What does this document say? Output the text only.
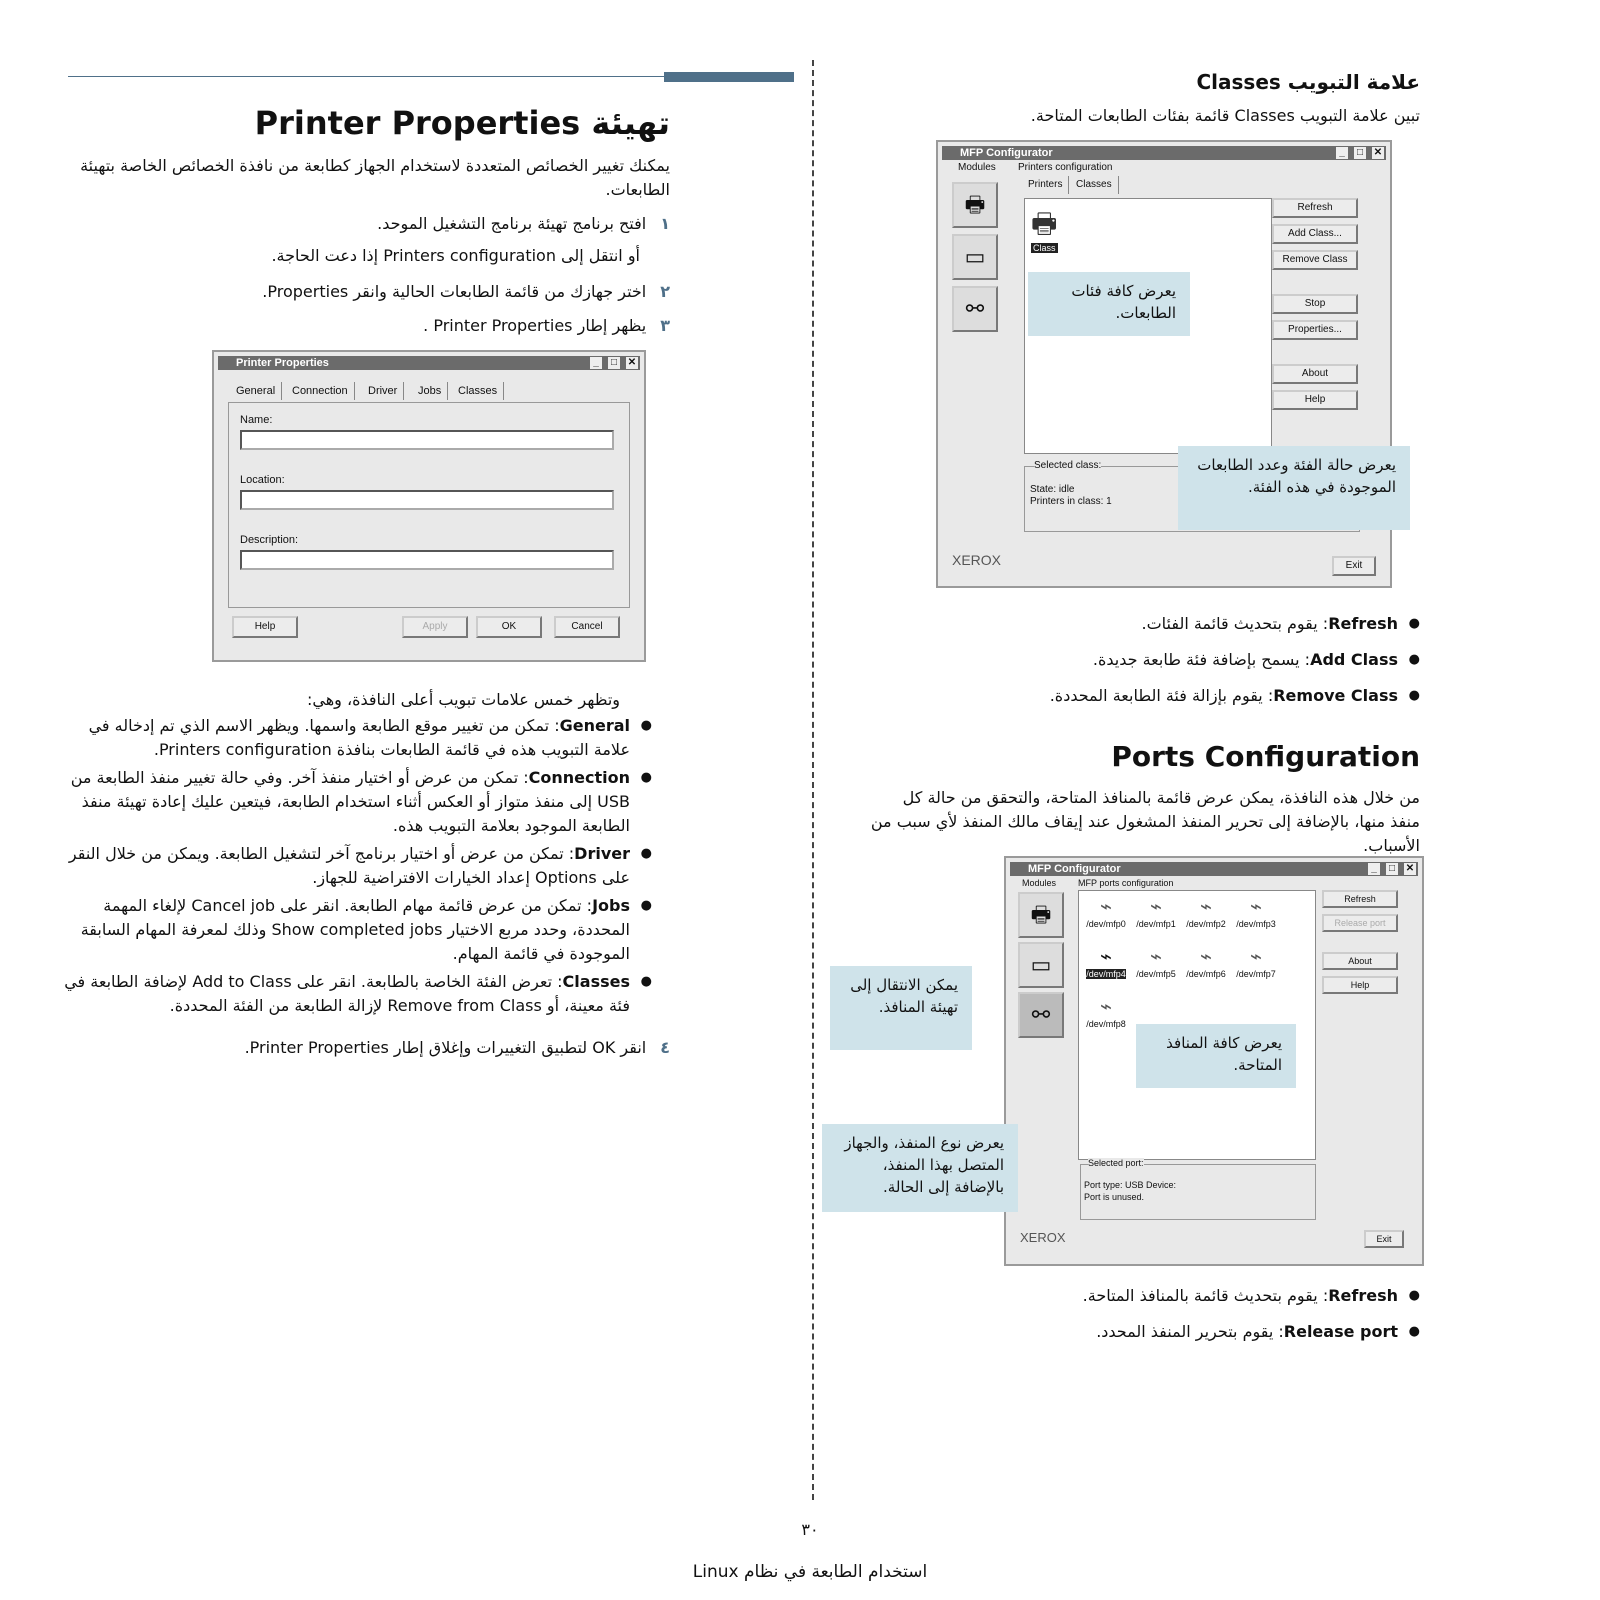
تهيئة Printer Properties
يمكنك تغيير الخصائص المتعددة لاستخدام الجهاز كطابعة من نافذة الخصائص الخاصة بتهيئة الطابعات.
١افتح برنامج تهيئة برنامج التشغيل الموحد.
أو انتقل إلى Printers configuration إذا دعت الحاجة.
٢اختر جهازك من قائمة الطابعات الحالية وانقر Properties.
٣يظهر إطار Printer Properties .
Printer Properties	_	□ ✕
General	Connection	Driver	Jobs	Classes
Name:
Location:
Description:
Help	Apply	OK	Cancel
وتظهر خمس علامات تبويب أعلى النافذة، وهي:
● General: تمكن من تغيير موقع الطابعة واسمها. ويظهر الاسم الذي تم إدخاله في علامة التبويب هذه في قائمة الطابعات بنافذة Printers configuration.
● Connection: تمكن من عرض أو اختيار منفذ آخر. وفي حالة تغيير منفذ الطابعة من USB إلى منفذ متواز أو العكس أثناء استخدام الطابعة، فيتعين عليك إعادة تهيئة منفذ الطابعة الموجود بعلامة التبويب هذه.
● Driver: تمكن من عرض أو اختيار برنامج آخر لتشغيل الطابعة. ويمكن من خلال النقر على Options إعداد الخيارات الافتراضية للجهاز.
● Jobs: تمكن من عرض قائمة مهام الطابعة. انقر على Cancel job لإلغاء المهمة المحددة، وحدد مربع الاختيار Show completed jobs وذلك لمعرفة المهام السابقة الموجودة في قائمة المهام.
● Classes: تعرض الفئة الخاصة بالطابعة. انقر على Add to Class لإضافة الطابعة في فئة معينة، أو Remove from Class لإزالة الطابعة من الفئة المحددة.
٤انقر OK لتطبيق التغييرات وإغلاق إطار Printer Properties.
علامة التبويب Classes
تبين علامة التبويب Classes قائمة بفئات الطابعات المتاحة.
MFP Configurator	_	□ ✕
Modules
🖶
▭
⚯
XEROX
Printers configuration
Printers	Classes
🖶
Class
Refresh
Add Class...
Remove Class
Stop
Properties...
About
Help
Selected class:
State: idle
Printers in class: 1
Exit
يعرض كافة فئات الطابعات.
يعرض حالة الفئة وعدد الطابعات الموجودة في هذه الفئة.
● Refresh: يقوم بتحديث قائمة الفئات.
● Add Class: يسمح بإضافة فئة طابعة جديدة.
● Remove Class: يقوم بإزالة فئة الطابعة المحددة.
Ports Configuration
من خلال هذه النافذة، يمكن عرض قائمة بالمنافذ المتاحة، والتحقق من حالة كل منفذ منها، بالإضافة إلى تحرير المنفذ المشغول عند إيقاف مالك المنفذ لأي سبب من الأسباب.
MFP Configurator	_	□ ✕
Modules
🖶
▭
⚯
XEROX
MFP ports configuration
⌁
/dev/mfp0
⌁
/dev/mfp1
⌁
/dev/mfp2
⌁
/dev/mfp3
⌁
/dev/mfp4
⌁
/dev/mfp5
⌁
/dev/mfp6
⌁
/dev/mfp7
⌁
/dev/mfp8
Refresh
Release port
About
Help
Selected port:
Port type: USB Device:
Port is unused.
Exit
يمكن الانتقال إلى تهيئة المنافذ.
يعرض كافة المنافذ المتاحة.
يعرض نوع المنفذ، والجهاز المتصل بهذا المنفذ، بالإضافة إلى الحالة.
● Refresh: يقوم بتحديث قائمة بالمنافذ المتاحة.
● Release port: يقوم بتحرير المنفذ المحدد.
٣٠
استخدام الطابعة في نظام Linux
